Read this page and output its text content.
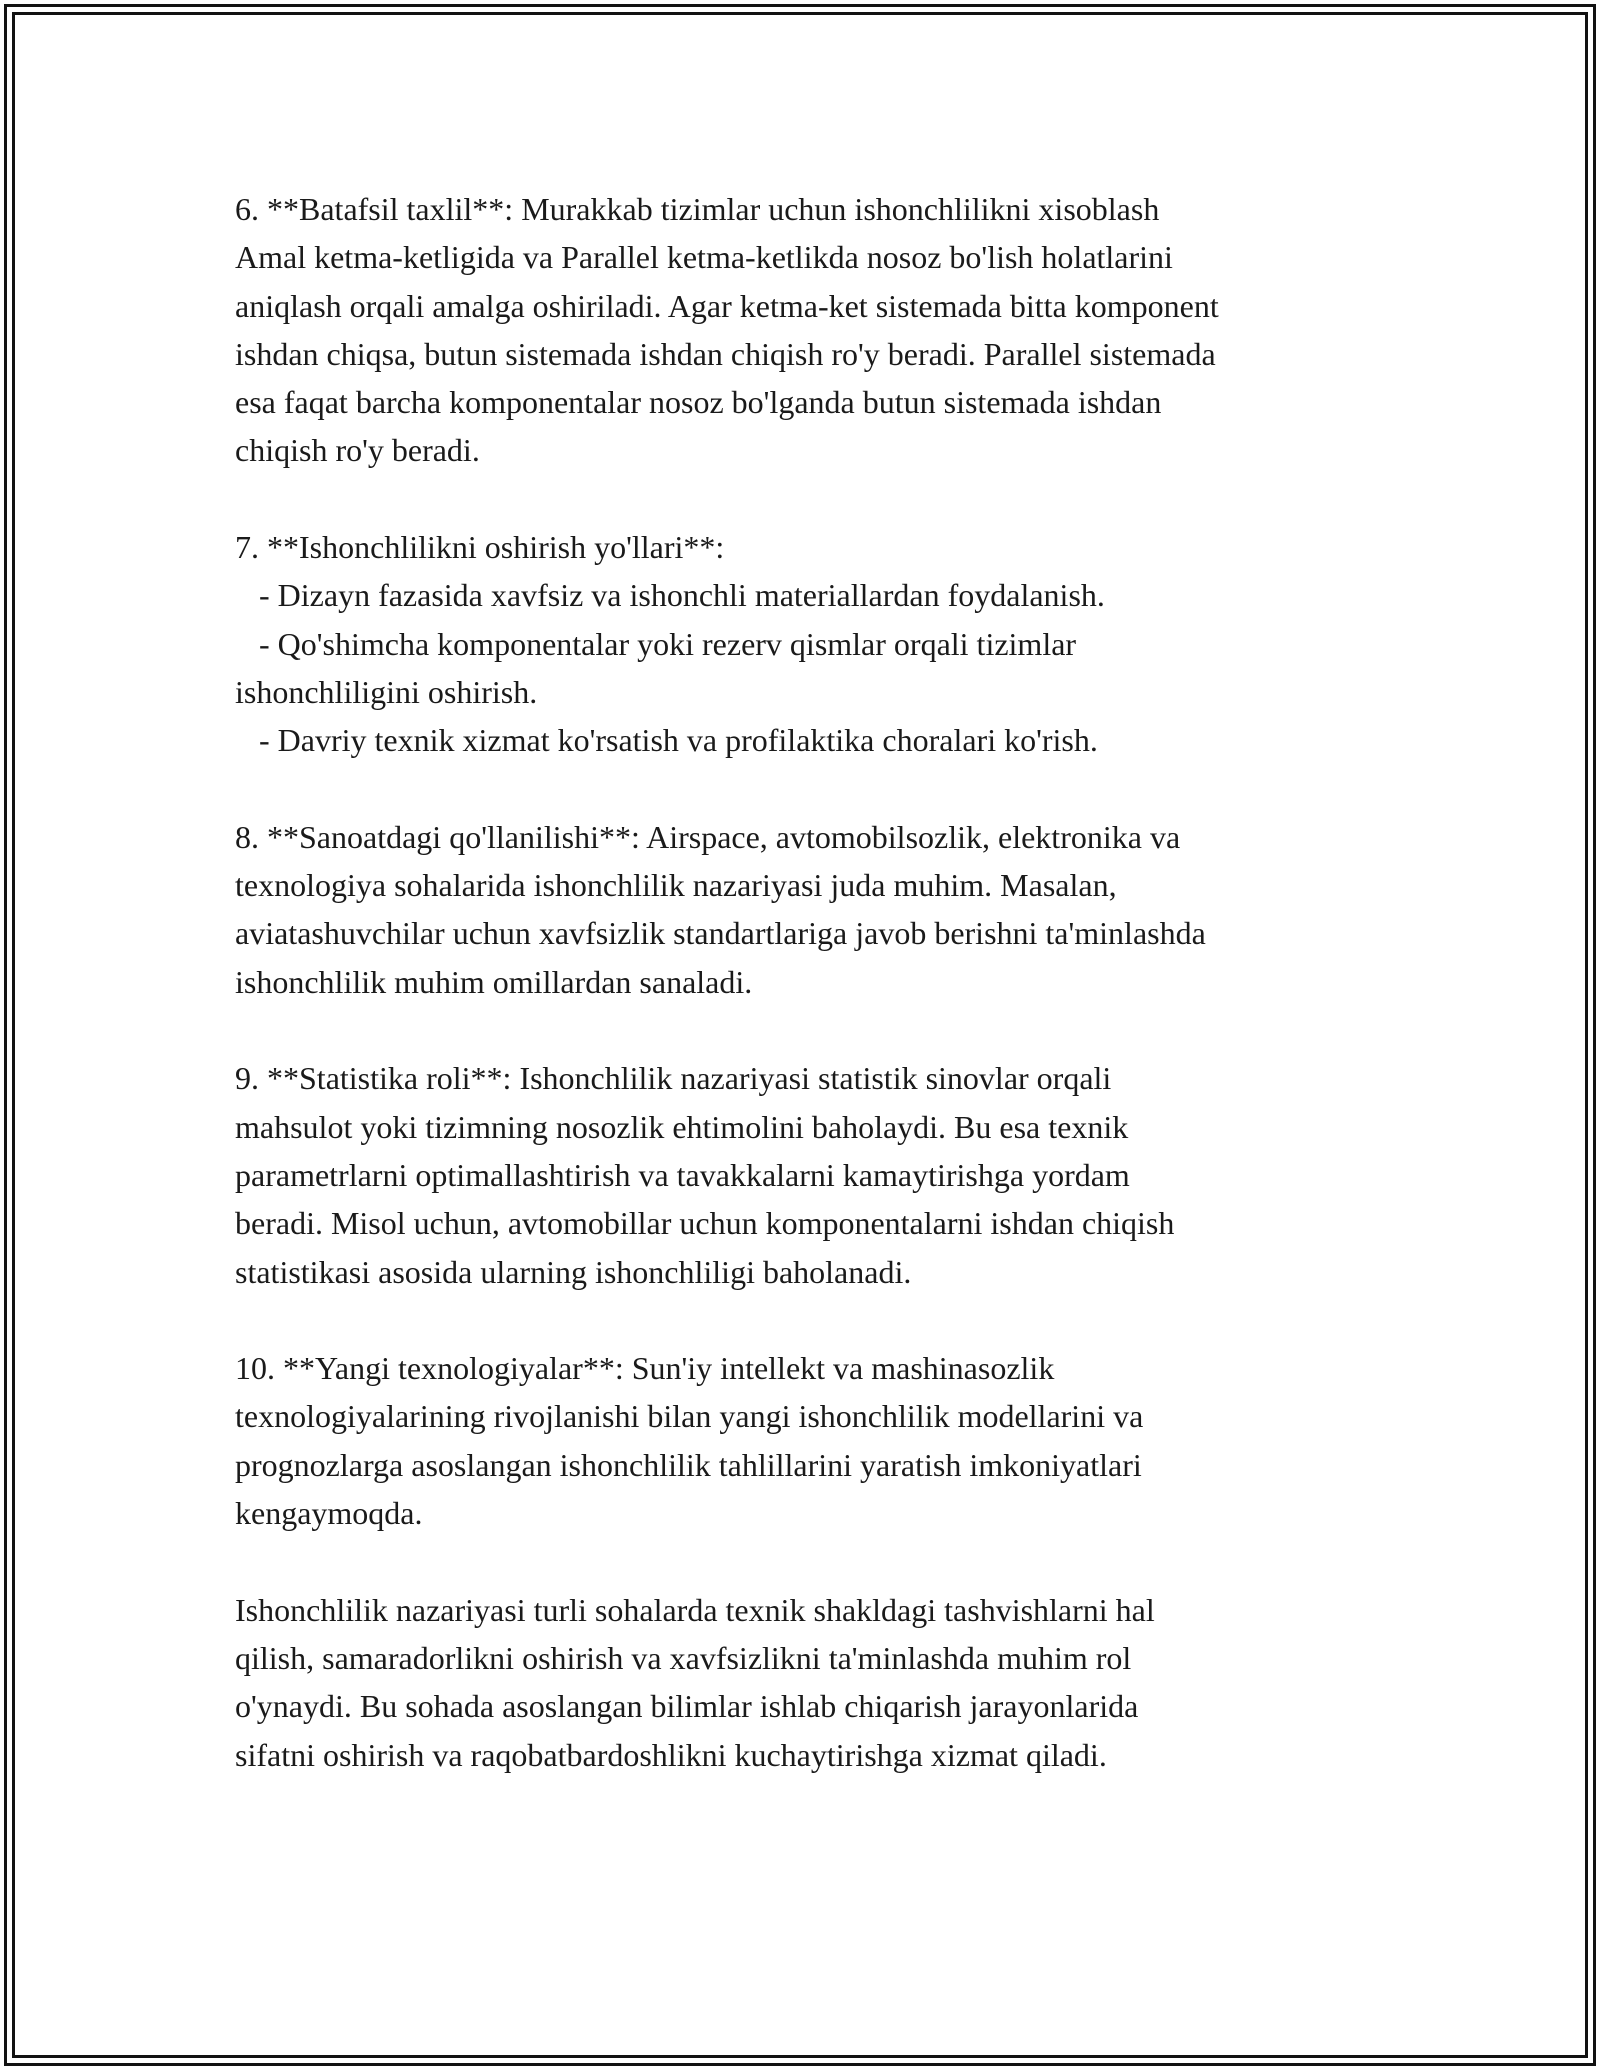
6. **Batafsil taxlil**: Murakkab tizimlar uchun ishonchlilikni xisoblash
Amal ketma-ketligida va Parallel ketma-ketlikda nosoz bo'lish holatlarini
aniqlash orqali amalga oshiriladi. Agar ketma-ket sistemada bitta komponent
ishdan chiqsa, butun sistemada ishdan chiqish ro'y beradi. Parallel sistemada
esa faqat barcha komponentalar nosoz bo'lganda butun sistemada ishdan
chiqish ro'y beradi.
7. **Ishonchlilikni oshirish yo'llari**:
- Dizayn fazasida xavfsiz va ishonchli materiallardan foydalanish.
- Qo'shimcha komponentalar yoki rezerv qismlar orqali tizimlar
ishonchliligini oshirish.
- Davriy texnik xizmat ko'rsatish va profilaktika choralari ko'rish.
8. **Sanoatdagi qo'llanilishi**: Airspace, avtomobilsozlik, elektronika va
texnologiya sohalarida ishonchlilik nazariyasi juda muhim. Masalan,
aviatashuvchilar uchun xavfsizlik standartlariga javob berishni ta'minlashda
ishonchlilik muhim omillardan sanaladi.
9. **Statistika roli**: Ishonchlilik nazariyasi statistik sinovlar orqali
mahsulot yoki tizimning nosozlik ehtimolini baholaydi. Bu esa texnik
parametrlarni optimallashtirish va tavakkalarni kamaytirishga yordam
beradi. Misol uchun, avtomobillar uchun komponentalarni ishdan chiqish
statistikasi asosida ularning ishonchliligi baholanadi.
10. **Yangi texnologiyalar**: Sun'iy intellekt va mashinasozlik
texnologiyalarining rivojlanishi bilan yangi ishonchlilik modellarini va
prognozlarga asoslangan ishonchlilik tahlillarini yaratish imkoniyatlari
kengaymoqda.
Ishonchlilik nazariyasi turli sohalarda texnik shakldagi tashvishlarni hal
qilish, samaradorlikni oshirish va xavfsizlikni ta'minlashda muhim rol
o'ynaydi. Bu sohada asoslangan bilimlar ishlab chiqarish jarayonlarida
sifatni oshirish va raqobatbardoshlikni kuchaytirishga xizmat qiladi.
